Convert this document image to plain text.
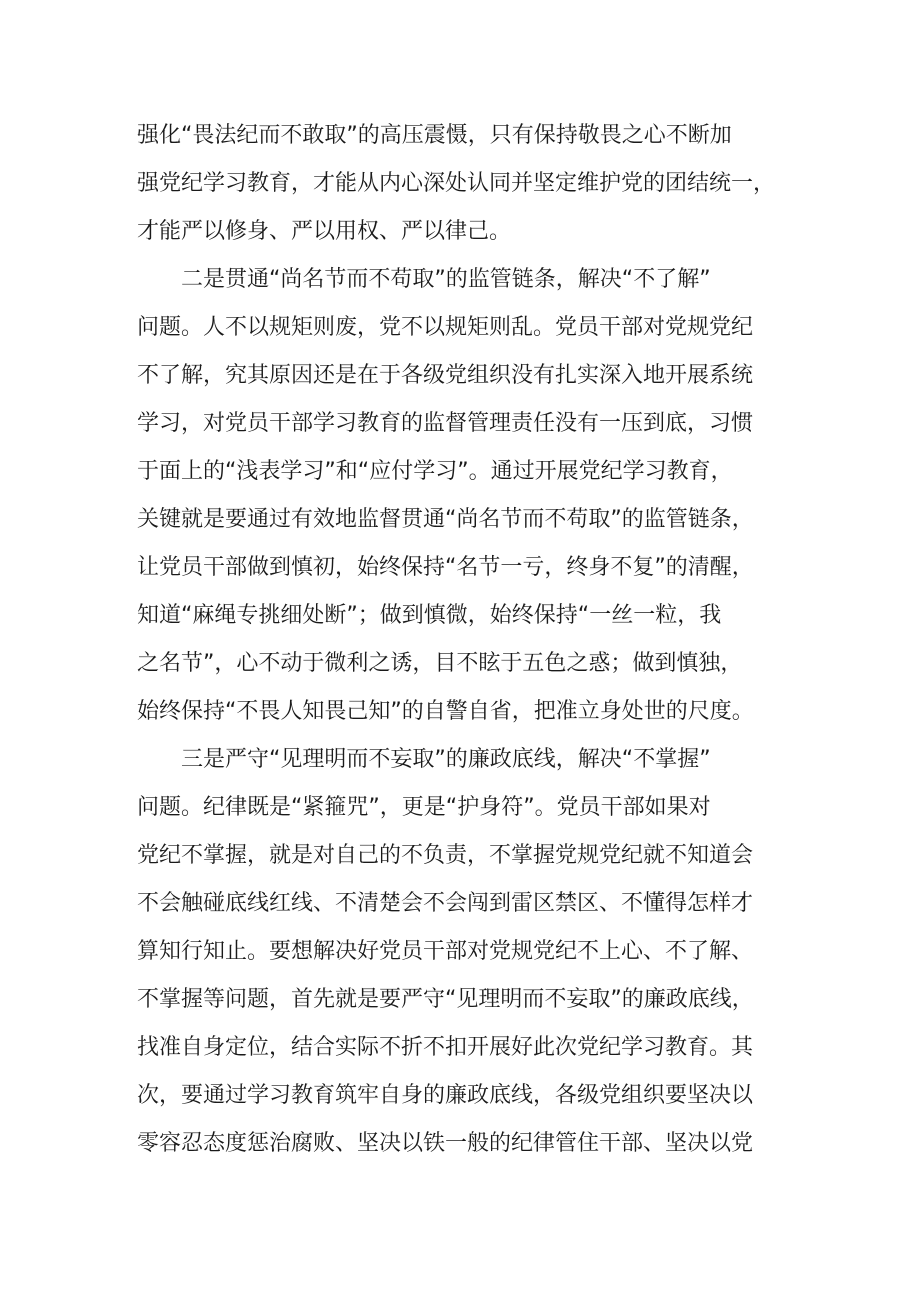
强化“畏法纪而不敢取”的高压震慑，只有保持敬畏之心不断加
强党纪学习教育，才能从内心深处认同并坚定维护党的团结统一，
才能严以修身、严以用权、严以律己。
二是贯通“尚名节而不苟取”的监管链条，解决“不了解”
问题。人不以规矩则废，党不以规矩则乱。党员干部对党规党纪
不了解，究其原因还是在于各级党组织没有扎实深入地开展系统
学习，对党员干部学习教育的监督管理责任没有一压到底，习惯
于面上的“浅表学习”和“应付学习”。通过开展党纪学习教育，
关键就是要通过有效地监督贯通“尚名节而不苟取”的监管链条，
让党员干部做到慎初，始终保持“名节一亏，终身不复”的清醒，
知道“麻绳专挑细处断”；做到慎微，始终保持“一丝一粒，我
之名节”，心不动于微利之诱，目不眩于五色之惑；做到慎独，
始终保持“不畏人知畏己知”的自警自省，把准立身处世的尺度。
三是严守“见理明而不妄取”的廉政底线，解决“不掌握”
问题。纪律既是“紧箍咒”，更是“护身符”。党员干部如果对
党纪不掌握，就是对自己的不负责，不掌握党规党纪就不知道会
不会触碰底线红线、不清楚会不会闯到雷区禁区、不懂得怎样才
算知行知止。要想解决好党员干部对党规党纪不上心、不了解、
不掌握等问题，首先就是要严守“见理明而不妄取”的廉政底线，
找准自身定位，结合实际不折不扣开展好此次党纪学习教育。其
次，要通过学习教育筑牢自身的廉政底线，各级党组织要坚决以
零容忍态度惩治腐败、坚决以铁一般的纪律管住干部、坚决以党
